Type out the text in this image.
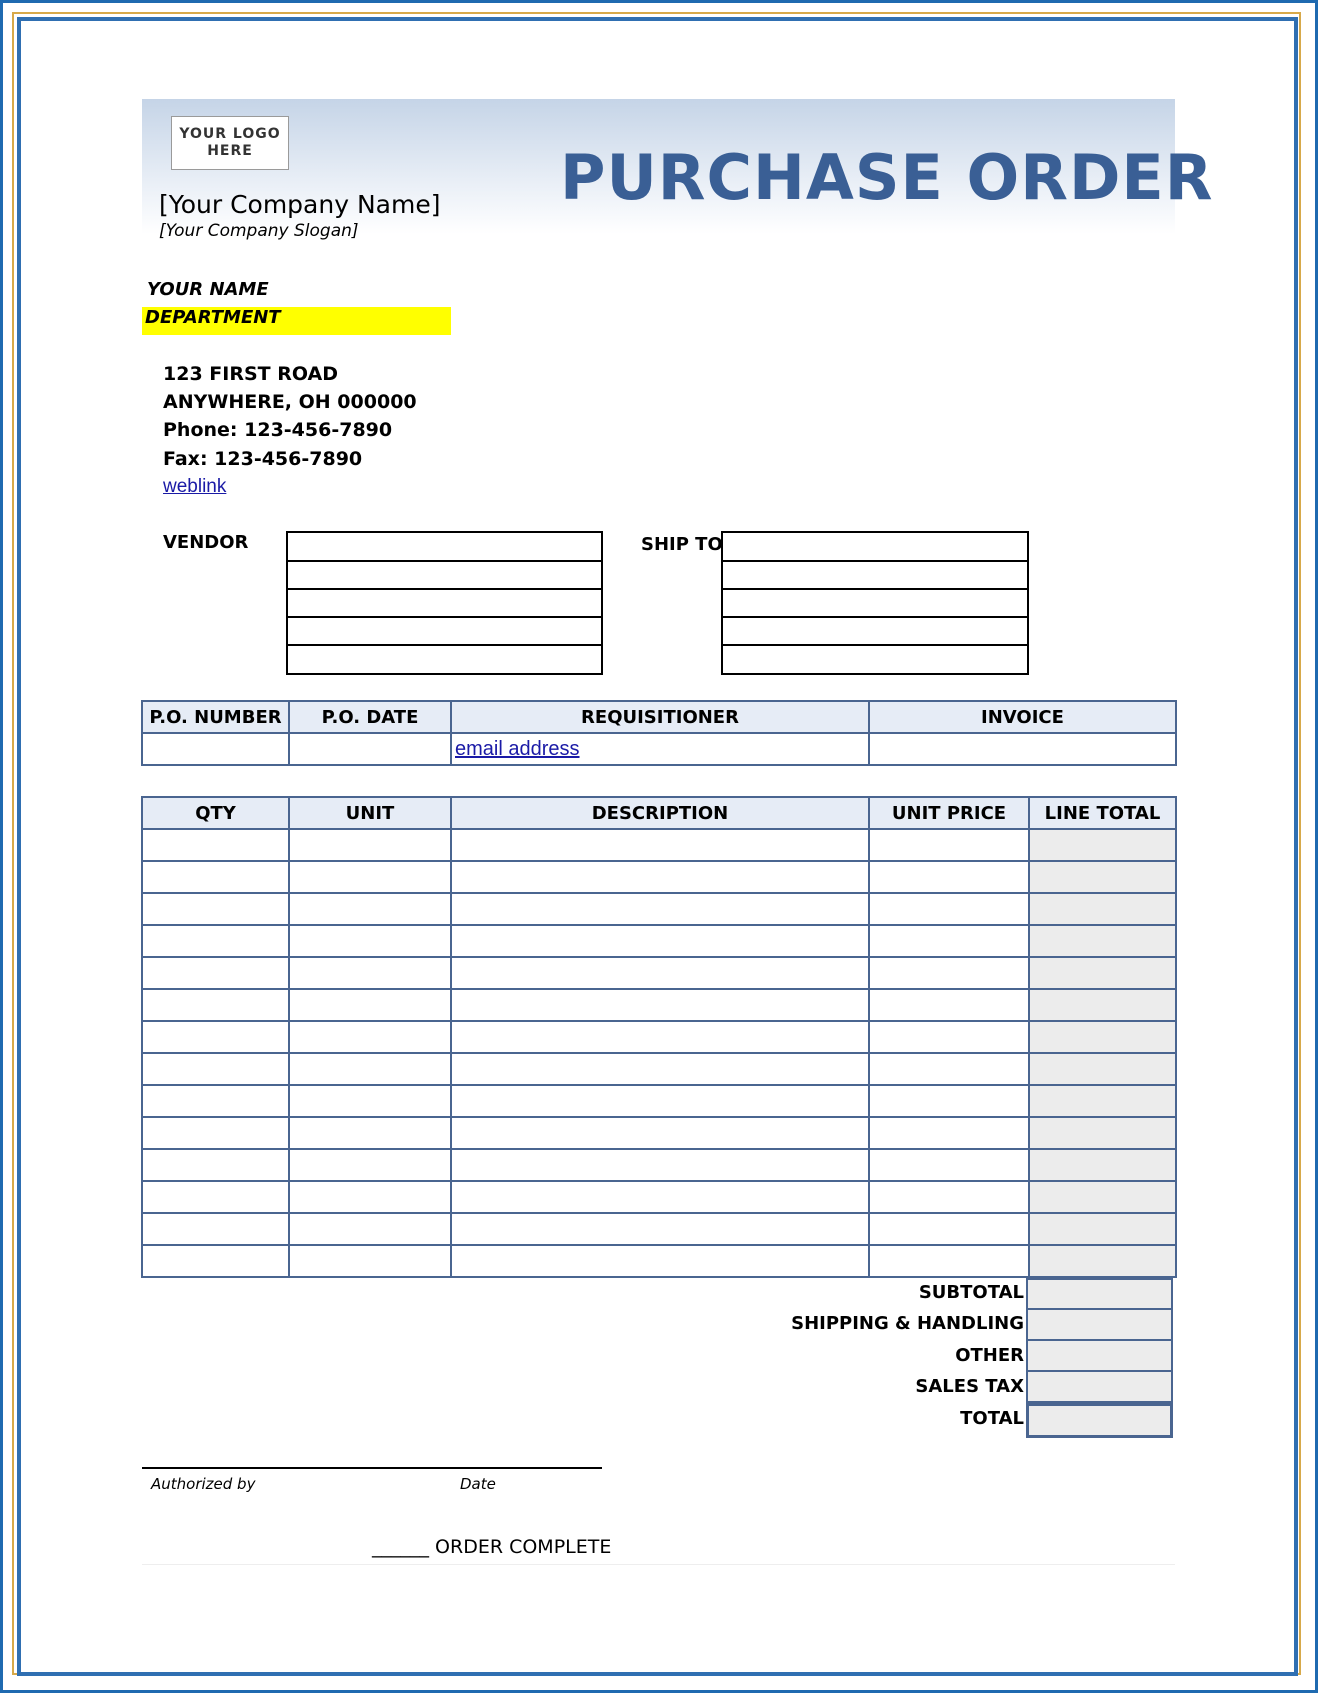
YOUR LOGO
HERE
[Your Company Name]
[Your Company Slogan]
PURCHASE ORDER
YOUR NAME
DEPARTMENT
123 FIRST ROAD
ANYWHERE, OH 000000
Phone: 123-456-7890
Fax: 123-456-7890
weblink
VENDOR	SHIP TO
P.O. NUMBER	P.O. DATE	REQUISITIONER	INVOICE
		email address	
QTY	UNIT	DESCRIPTION	UNIT PRICE	LINE TOTAL

SUBTOTAL
SHIPPING & HANDLING
OTHER
SALES TAX
TOTAL
Authorized by	Date
______ ORDER COMPLETE
